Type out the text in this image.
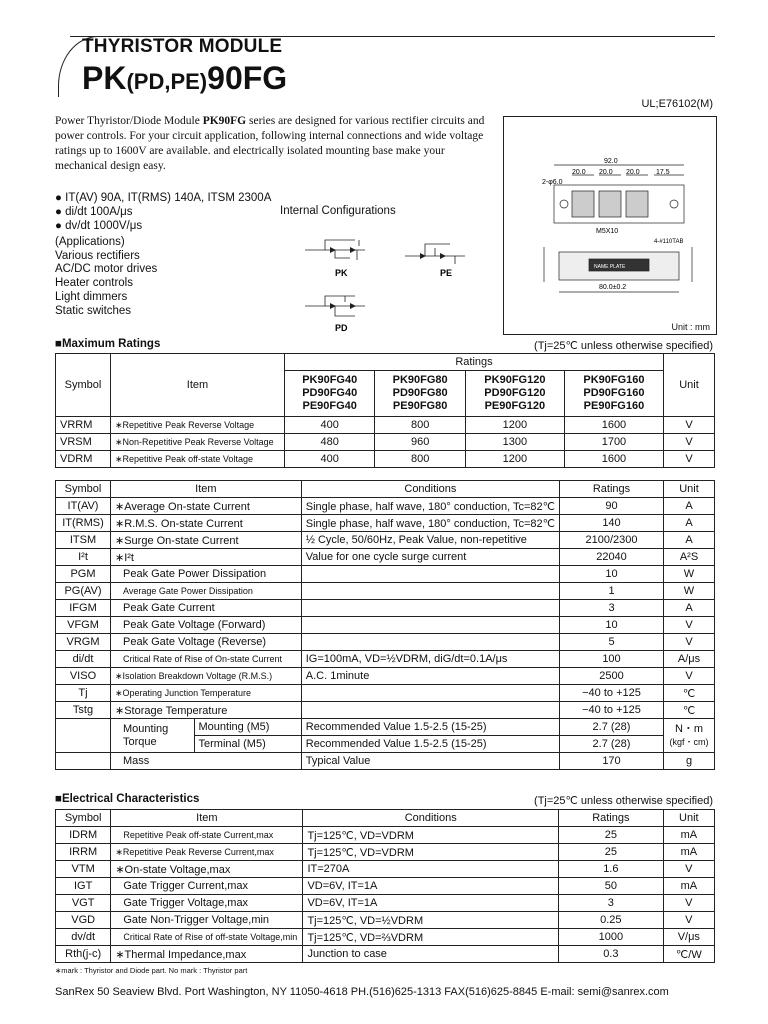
THYRISTOR MODULE
PK(PD,PE)90FG
UL;E76102(M)
Power Thyristor/Diode Module PK90FG series are designed for various rectifier circuits and power controls. For your circuit application, following internal connections and wide voltage ratings up to 1600V are available. and electrically isolated mounting base make your mechanical design easy.
● IT(AV) 90A, IT(RMS) 140A, ITSM 2300A
● di/dt 100A/μs
● dv/dt 1000V/μs
(Applications)
Various rectifiers
AC/DC motor drives
Heater controls
Light dimmers
Static switches
Internal Configurations
PK	PE
PD
92.0
20.0 20.0 20.0 17.5
2-φ6.0
M5X10
4-#110TAB
NAME PLATE
80.0±0.2
Unit : mm
■Maximum Ratings	(Tj=25℃ unless otherwise specified)
Symbol	Item	Ratings				Unit
		PK90FG40
PD90FG40
PE90FG40	PK90FG80
PD90FG80
PE90FG80	PK90FG120
PD90FG120
PE90FG120	PK90FG160
PD90FG160
PE90FG160	
VRRM	∗Repetitive Peak Reverse Voltage	400	800	1200	1600	V
VRSM	∗Non-Repetitive Peak Reverse Voltage	480	960	1300	1700	V
VDRM	∗Repetitive Peak off-state Voltage	400	800	1200	1600	V
Symbol	Item		Conditions	Ratings	Unit
IT(AV)	∗Average On-state Current		Single phase, half wave, 180° conduction, Tc=82℃	90	A
IT(RMS)	∗R.M.S. On-state Current		Single phase, half wave, 180° conduction, Tc=82℃	140	A
ITSM	∗Surge On-state Current		½ Cycle, 50/60Hz, Peak Value, non-repetitive	2100/2300	A
I²t	∗I²t		Value for one cycle surge current	22040	A²S
PGM	Peak Gate Power Dissipation			10	W
PG(AV)	Average Gate Power Dissipation			1	W
IFGM	Peak Gate Current			3	A
VFGM	Peak Gate Voltage (Forward)			10	V
VRGM	Peak Gate Voltage (Reverse)			5	V
di/dt	Critical Rate of Rise of On-state Current		IG=100mA, VD=½VDRM, diG/dt=0.1A/μs	100	A/μs
VISO	∗Isolation Breakdown Voltage (R.M.S.)		A.C. 1minute	2500	V
Tj	∗Operating Junction Temperature			−40 to +125	℃
Tstg	∗Storage Temperature			−40 to +125	℃
	Mounting
Torque	Mounting (M5)	Recommended Value 1.5-2.5 (15-25)	2.7 (28)	N・m
(kgf・cm)
		Terminal (M5)	Recommended Value 1.5-2.5 (15-25)	2.7 (28)	
	Mass		Typical Value	170	g
■Electrical Characteristics	(Tj=25℃ unless otherwise specified)
Symbol	Item	Conditions	Ratings	Unit
IDRM	Repetitive Peak off-state Current,max	Tj=125℃, VD=VDRM	25	mA
IRRM	∗Repetitive Peak Reverse Current,max	Tj=125℃, VD=VDRM	25	mA
VTM	∗On-state Voltage,max	IT=270A	1.6	V
IGT	Gate Trigger Current,max	VD=6V, IT=1A	50	mA
VGT	Gate Trigger Voltage,max	VD=6V, IT=1A	3	V
VGD	Gate Non-Trigger Voltage,min	Tj=125℃, VD=½VDRM	0.25	V
dv/dt	Critical Rate of Rise of off-state Voltage,min	Tj=125℃, VD=⅔VDRM	1000	V/μs
Rth(j-c)	∗Thermal Impedance,max	Junction to case	0.3	℃/W
∗mark : Thyristor and Diode part. No mark : Thyristor part
SanRex 50 Seaview Blvd. Port Washington, NY 11050-4618 PH.(516)625-1313 FAX(516)625-8845 E-mail: semi@sanrex.com
